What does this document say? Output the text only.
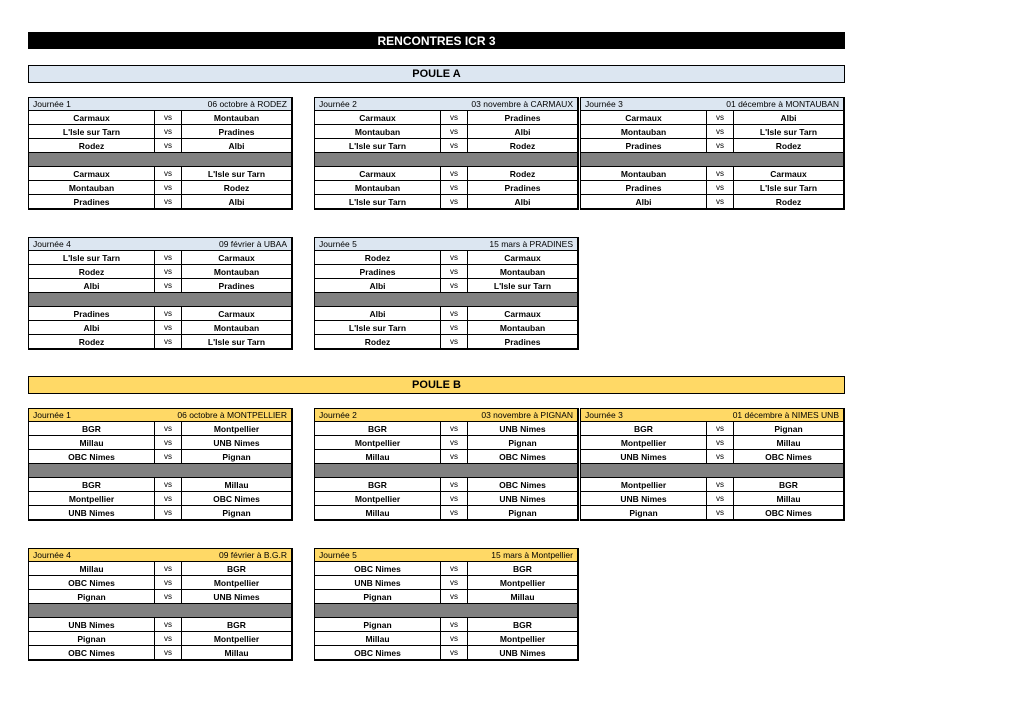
RENCONTRES ICR 3
POULE A
POULE B
Journée 1	06 octobre à RODEZ
Carmaux	vs	Montauban
L'Isle sur Tarn	vs	Pradines
Rodez	vs	Albi
Carmaux	vs	L'Isle sur Tarn
Montauban	vs	Rodez
Pradines	vs	Albi
Journée 2	03 novembre à CARMAUX
Carmaux	vs	Pradines
Montauban	vs	Albi
L'Isle sur Tarn	vs	Rodez
Carmaux	vs	Rodez
Montauban	vs	Pradines
L'Isle sur Tarn	vs	Albi
Journée 3	01 décembre à MONTAUBAN
Carmaux	vs	Albi
Montauban	vs	L'Isle sur Tarn
Pradines	vs	Rodez
Montauban	vs	Carmaux
Pradines	vs	L'Isle sur Tarn
Albi	vs	Rodez
Journée 4	09 février à UBAA
L'Isle sur Tarn	vs	Carmaux
Rodez	vs	Montauban
Albi	vs	Pradines
Pradines	vs	Carmaux
Albi	vs	Montauban
Rodez	vs	L'Isle sur Tarn
Journée 5	15 mars à PRADINES
Rodez	vs	Carmaux
Pradines	vs	Montauban
Albi	vs	L'Isle sur Tarn
Albi	vs	Carmaux
L'Isle sur Tarn	vs	Montauban
Rodez	vs	Pradines
Journée 1	06 octobre à MONTPELLIER
BGR	vs	Montpellier
Millau	vs	UNB Nimes
OBC Nimes	vs	Pignan
BGR	vs	Millau
Montpellier	vs	OBC Nimes
UNB Nimes	vs	Pignan
Journée 2	03 novembre à PIGNAN
BGR	vs	UNB Nimes
Montpellier	vs	Pignan
Millau	vs	OBC Nimes
BGR	vs	OBC Nimes
Montpellier	vs	UNB Nimes
Millau	vs	Pignan
Journée 3	01 décembre à NIMES UNB
BGR	vs	Pignan
Montpellier	vs	Millau
UNB Nimes	vs	OBC Nimes
Montpellier	vs	BGR
UNB Nimes	vs	Millau
Pignan	vs	OBC Nimes
Journée 4	09 février à B.G.R
Millau	vs	BGR
OBC Nimes	vs	Montpellier
Pignan	vs	UNB Nimes
UNB Nimes	vs	BGR
Pignan	vs	Montpellier
OBC Nimes	vs	Millau
Journée 5	15 mars à Montpellier
OBC Nimes	vs	BGR
UNB Nimes	vs	Montpellier
Pignan	vs	Millau
Pignan	vs	BGR
Millau	vs	Montpellier
OBC Nimes	vs	UNB Nimes
